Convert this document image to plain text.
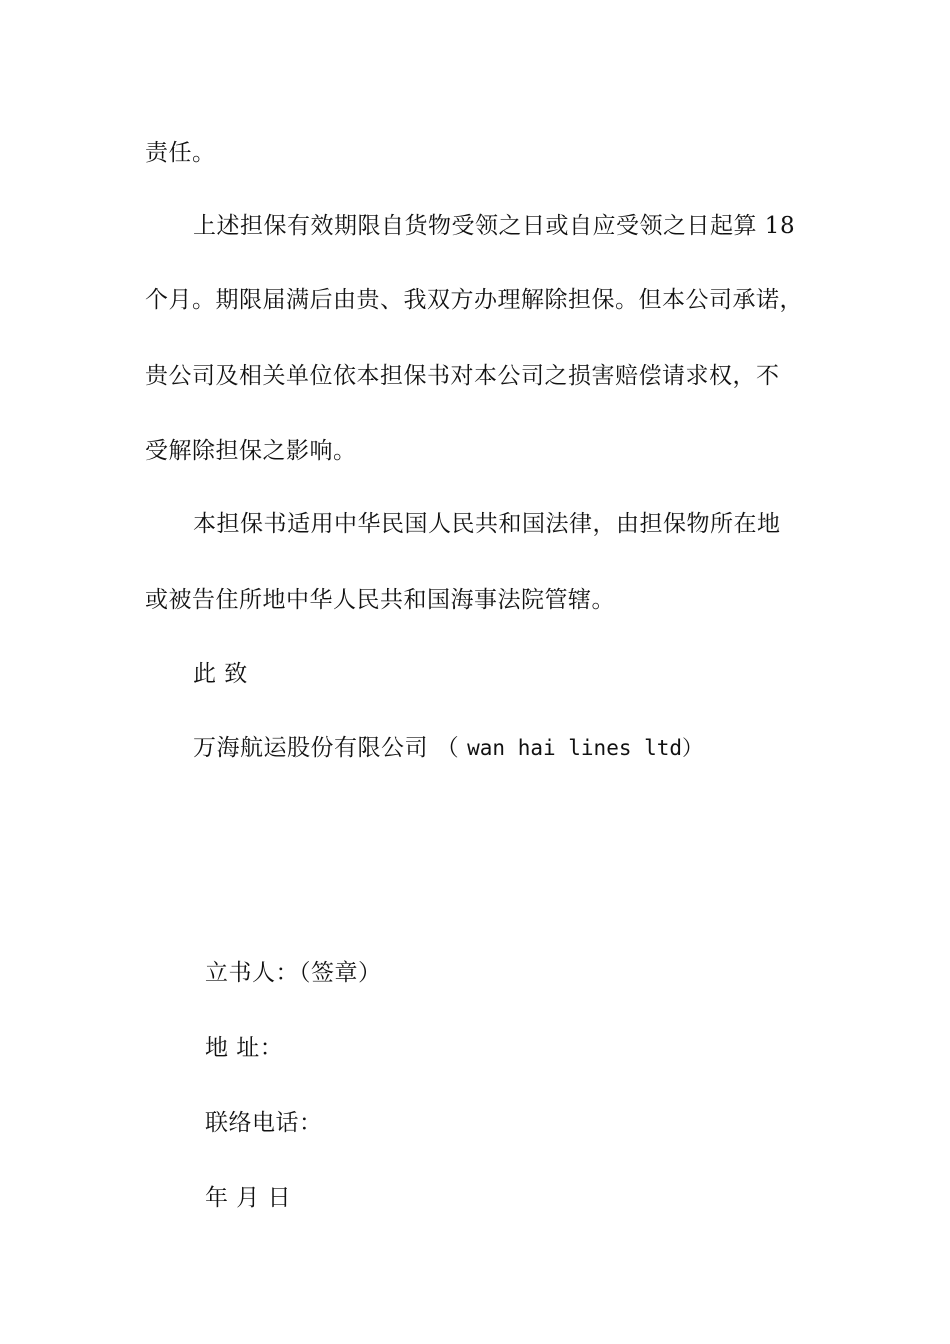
责任。
上述担保有效期限自货物受领之日或自应受领之日起算 18
个月。期限届满后由贵、我双方办理解除担保。但本公司承诺，
贵公司及相关单位依本担保书对本公司之损害赔偿请求权，不
受解除担保之影响。
本担保书适用中华民国人民共和国法律，由担保物所在地
或被告住所地中华人民共和国海事法院管辖。
此 致
万海航运股份有限公司 （ wan hai lines ltd）
立书人：（签章）
地 址：
联络电话：
年 月 日
